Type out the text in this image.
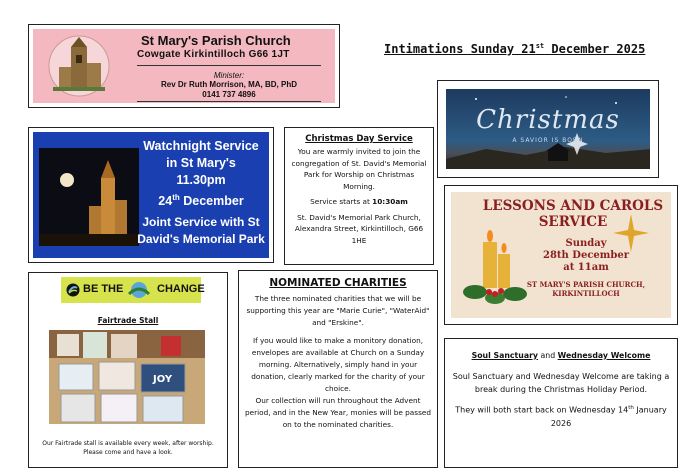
St Mary's Parish Church
Cowgate Kirkintilloch G66 1JT
Minister:
Rev Dr Ruth Morrison, MA, BD, PhD
0141 737 4896
Intimations Sunday 21st December 2025
Christmas
A SAVIOR IS BORN
Watchnight Service
in St Mary's
11.30pm
24th December
Joint Service with St David's Memorial Park
Christmas Day Service
You are warmly invited to join the congregation of St. David's Memorial Park for Worship on Christmas Morning.
Service starts at 10:30am
St. David's Memorial Park Church, Alexandra Street, Kirkintilloch, G66 1HE
LESSONS AND CAROLS SERVICE
Sunday
28th December
at 11am
ST MARY'S PARISH CHURCH, KIRKINTILLOCH
BE THE	CHANGE
Fairtrade Stall
JOY
Our Fairtrade stall is available every week, after worship. Please come and have a look.
NOMINATED CHARITIES
The three nominated charities that we will be supporting this year are "Marie Curie", "WaterAid" and "Erskine".
If you would like to make a monitory donation, envelopes are available at Church on a Sunday morning. Alternatively, simply hand in your donation, clearly marked for the charity of your choice.
Our collection will run throughout the Advent period, and in the New Year, monies will be passed on to the nominated charities.
Soul Sanctuary and Wednesday Welcome
Soul Sanctuary and Wednesday Welcome are taking a break during the Christmas Holiday Period.
They will both start back on Wednesday 14th January 2026
